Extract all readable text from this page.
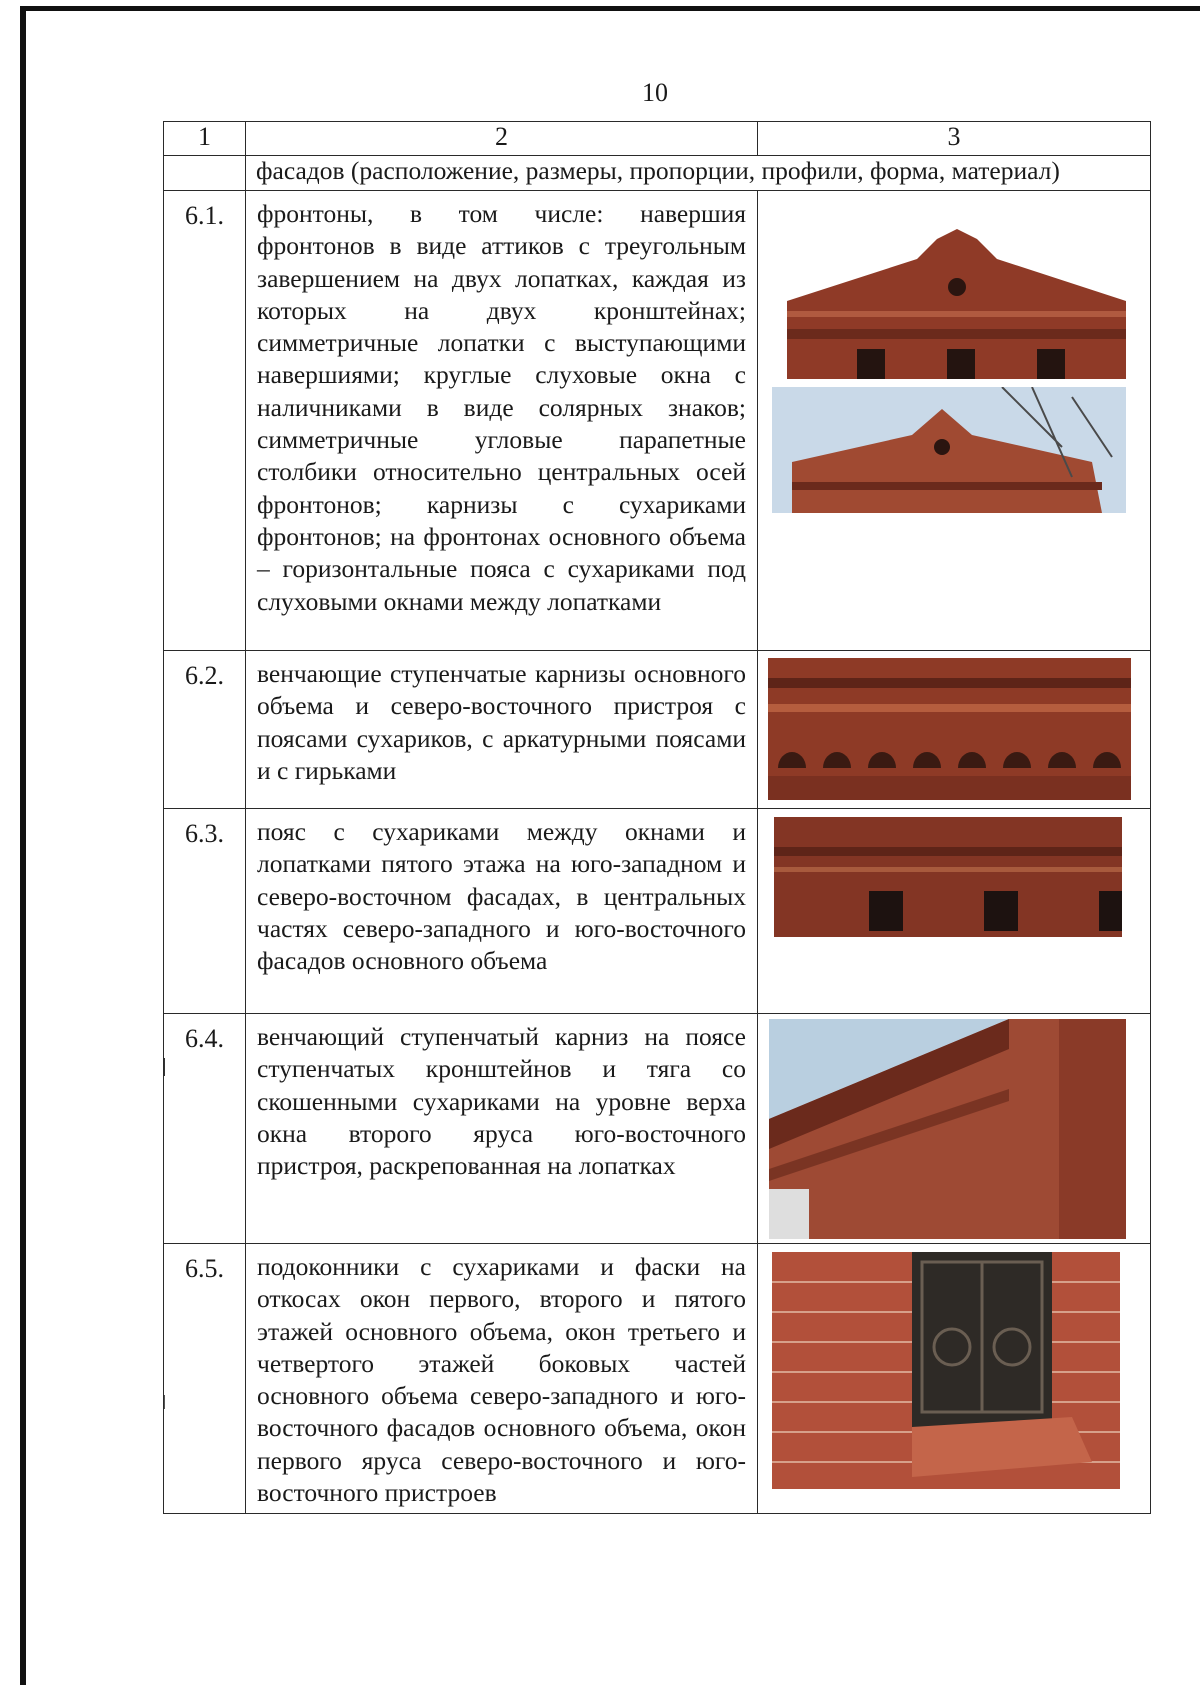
10
1	2	3
	фасадов (расположение, размеры, пропорции, профили, форма, материал)	
6.1.	фронтоны, в том числе: навершия фронтонов в виде аттиков с треугольным завершением на двух лопатках, каждая из которых на двух кронштейнах; симметричные лопатки с выступающими навершиями; круглые слуховые окна с наличниками в виде солярных знаков; симметричные угловые парапетные столбики относительно центральных осей фронтонов; карнизы с сухариками фронтонов; на фронтонах основного объема – горизонтальные пояса с сухариками под слуховыми окнами между лопатками	

6.2.	венчающие ступенчатые карнизы основного объема и северо-восточного пристроя с поясами сухариков, с аркатурными поясами и с гирьками	

6.3.	пояс с сухариками между окнами и лопатками пятого этажа на юго-западном и северо-восточном фасадах, в центральных частях северо-западного и юго-восточного фасадов основного объема	

6.4.	венчающий ступенчатый карниз на поясе ступенчатых кронштейнов и тяга со скошенными сухариками на уровне верха окна второго яруса юго-восточного пристроя, раскрепованная на лопатках	

6.5.	подоконники с сухариками и фаски на откосах окон первого, второго и пятого этажей основного объема, окон третьего и четвертого этажей боковых частей основного объема северо-западного и юго-восточного фасадов основного объема, окон первого яруса северо-восточного и юго-восточного пристроев	
